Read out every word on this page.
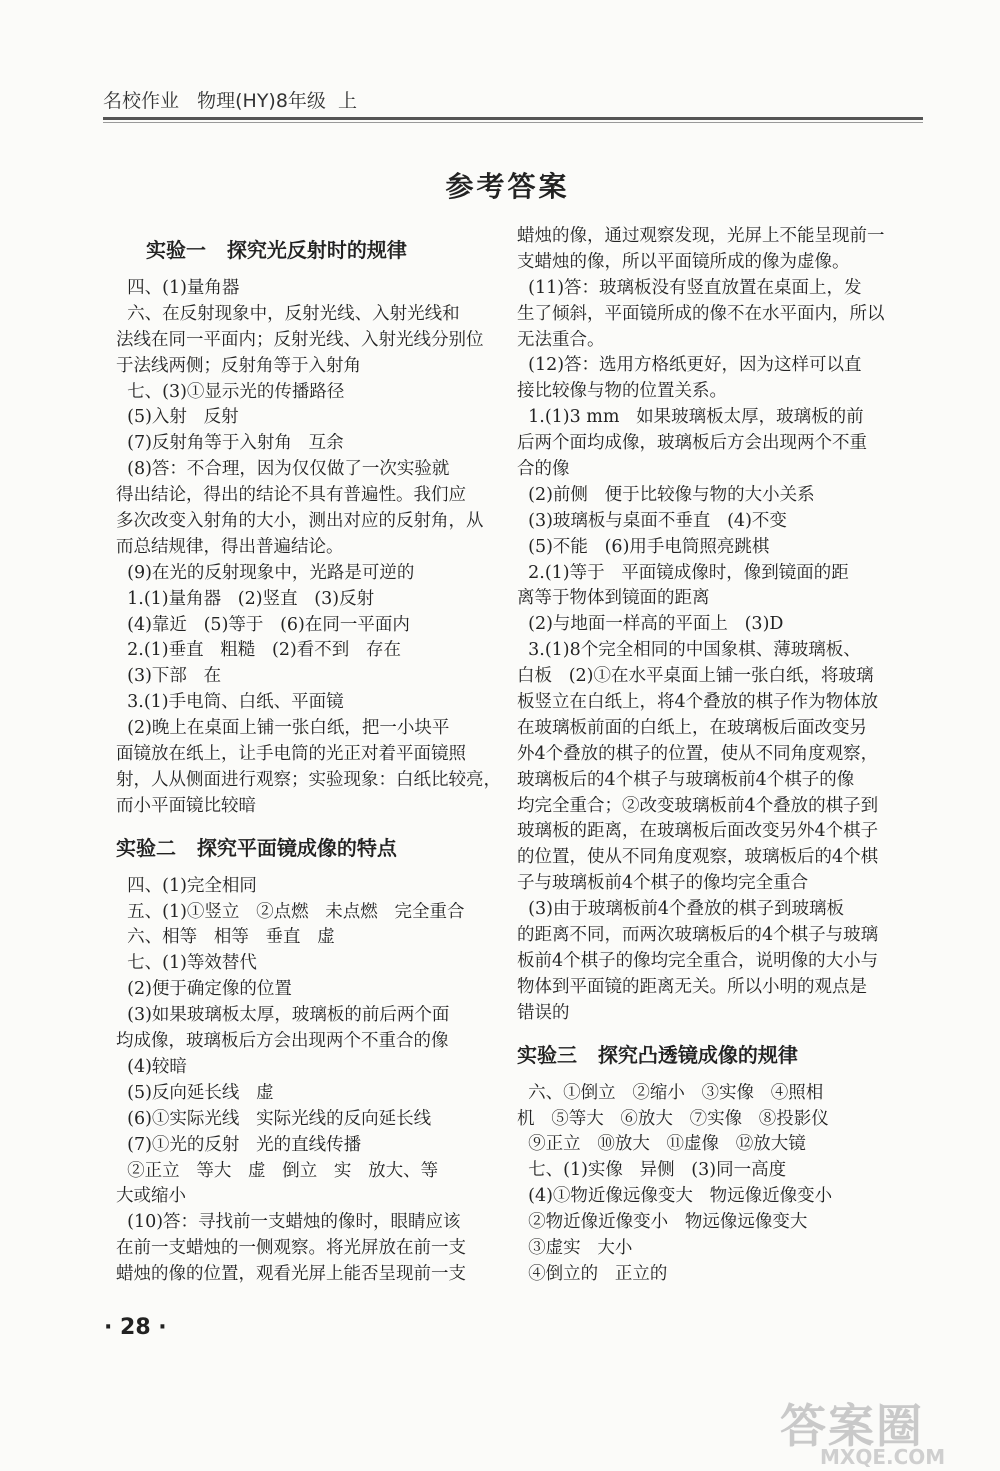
名校作业   物理(HY)8年级  上
参考答案
实验一   探究光反射时的规律
四、(1)量角器
六、在反射现象中，反射光线、入射光线和
法线在同一平面内；反射光线、入射光线分别位
于法线两侧；反射角等于入射角
七、(3)①显示光的传播路径
(5)入射   反射
(7)反射角等于入射角   互余
(8)答：不合理，因为仅仅做了一次实验就
得出结论，得出的结论不具有普遍性。我们应
多次改变入射角的大小，测出对应的反射角，从
而总结规律，得出普遍结论。
(9)在光的反射现象中，光路是可逆的
1.(1)量角器   (2)竖直   (3)反射
(4)靠近   (5)等于   (6)在同一平面内
2.(1)垂直   粗糙   (2)看不到   存在
(3)下部   在
3.(1)手电筒、白纸、平面镜
(2)晚上在桌面上铺一张白纸，把一小块平
面镜放在纸上，让手电筒的光正对着平面镜照
射，人从侧面进行观察；实验现象：白纸比较亮，
而小平面镜比较暗
实验二   探究平面镜成像的特点
四、(1)完全相同
五、(1)①竖立   ②点燃   未点燃   完全重合
六、相等   相等   垂直   虚
七、(1)等效替代
(2)便于确定像的位置
(3)如果玻璃板太厚，玻璃板的前后两个面
均成像，玻璃板后方会出现两个不重合的像
(4)较暗
(5)反向延长线   虚
(6)①实际光线   实际光线的反向延长线
(7)①光的反射   光的直线传播
②正立   等大   虚   倒立   实   放大、等
大或缩小
(10)答：寻找前一支蜡烛的像时，眼睛应该
在前一支蜡烛的一侧观察。将光屏放在前一支
蜡烛的像的位置，观看光屏上能否呈现前一支
蜡烛的像，通过观察发现，光屏上不能呈现前一
支蜡烛的像，所以平面镜所成的像为虚像。
(11)答：玻璃板没有竖直放置在桌面上，发
生了倾斜，平面镜所成的像不在水平面内，所以
无法重合。
(12)答：选用方格纸更好，因为这样可以直
接比较像与物的位置关系。
1.(1)3 mm   如果玻璃板太厚，玻璃板的前
后两个面均成像，玻璃板后方会出现两个不重
合的像
(2)前侧   便于比较像与物的大小关系
(3)玻璃板与桌面不垂直   (4)不变
(5)不能   (6)用手电筒照亮跳棋
2.(1)等于   平面镜成像时，像到镜面的距
离等于物体到镜面的距离
(2)与地面一样高的平面上   (3)D
3.(1)8个完全相同的中国象棋、薄玻璃板、
白板   (2)①在水平桌面上铺一张白纸，将玻璃
板竖立在白纸上，将4个叠放的棋子作为物体放
在玻璃板前面的白纸上，在玻璃板后面改变另
外4个叠放的棋子的位置，使从不同角度观察，
玻璃板后的4个棋子与玻璃板前4个棋子的像
均完全重合；②改变玻璃板前4个叠放的棋子到
玻璃板的距离，在玻璃板后面改变另外4个棋子
的位置，使从不同角度观察，玻璃板后的4个棋
子与玻璃板前4个棋子的像均完全重合
(3)由于玻璃板前4个叠放的棋子到玻璃板
的距离不同，而两次玻璃板后的4个棋子与玻璃
板前4个棋子的像均完全重合，说明像的大小与
物体到平面镜的距离无关。所以小明的观点是
错误的
实验三   探究凸透镜成像的规律
六、①倒立   ②缩小   ③实像   ④照相
机   ⑤等大   ⑥放大   ⑦实像   ⑧投影仪
⑨正立   ⑩放大   ⑪虚像   ⑫放大镜
七、(1)实像   异侧   (3)同一高度
(4)①物近像远像变大   物远像近像变小
②物近像近像变小   物远像远像变大
③虚实   大小
④倒立的   正立的
· 28 ·
答案圈
MXQE.COM
